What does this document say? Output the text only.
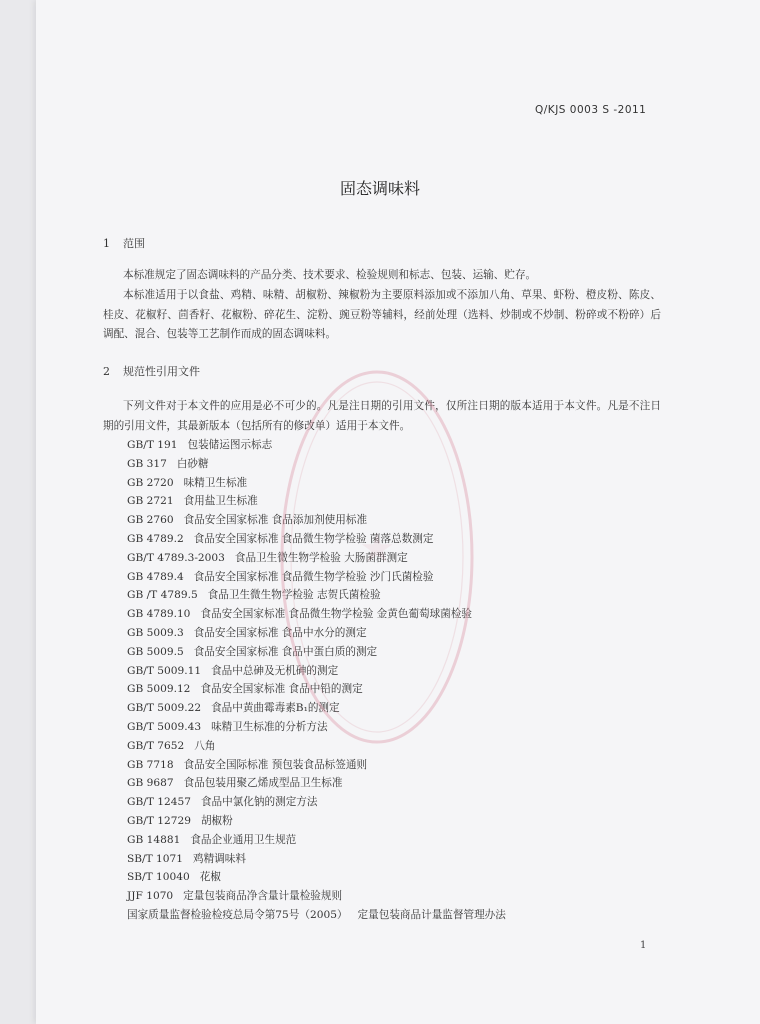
Q/KJS 0003 S -2011
固态调味料
1 范围
本标准规定了固态调味料的产品分类、技术要求、检验规则和标志、包装、运输、贮存。
本标准适用于以食盐、鸡精、味精、胡椒粉、辣椒粉为主要原料添加或不添加八角、草果、虾粉、橙皮粉、陈皮、桂皮、花椒籽、茴香籽、花椒粉、碎花生、淀粉、豌豆粉等辅料，经前处理（选料、炒制或不炒制、粉碎或不粉碎）后调配、混合、包装等工艺制作而成的固态调味料。
2 规范性引用文件
下列文件对于本文件的应用是必不可少的。凡是注日期的引用文件，仅所注日期的版本适用于本文件。凡是不注日期的引用文件，其最新版本（包括所有的修改单）适用于本文件。
GB/T 191 包装储运图示标志
GB 317 白砂糖
GB 2720 味精卫生标准
GB 2721 食用盐卫生标准
GB 2760 食品安全国家标准 食品添加剂使用标准
GB 4789.2 食品安全国家标准 食品微生物学检验 菌落总数测定
GB/T 4789.3-2003 食品卫生微生物学检验 大肠菌群测定
GB 4789.4 食品安全国家标准 食品微生物学检验 沙门氏菌检验
GB /T 4789.5 食品卫生微生物学检验 志贺氏菌检验
GB 4789.10 食品安全国家标准 食品微生物学检验 金黄色葡萄球菌检验
GB 5009.3 食品安全国家标准 食品中水分的测定
GB 5009.5 食品安全国家标准 食品中蛋白质的测定
GB/T 5009.11 食品中总砷及无机砷的测定
GB 5009.12 食品安全国家标准 食品中铅的测定
GB/T 5009.22 食品中黄曲霉毒素B₁的测定
GB/T 5009.43 味精卫生标准的分析方法
GB/T 7652 八角
GB 7718 食品安全国际标准 预包装食品标签通则
GB 9687 食品包装用聚乙烯成型品卫生标准
GB/T 12457 食品中氯化钠的测定方法
GB/T 12729 胡椒粉
GB 14881 食品企业通用卫生规范
SB/T 1071 鸡精调味料
SB/T 10040 花椒
JJF 1070 定量包装商品净含量计量检验规则
国家质量监督检验检疫总局令第75号（2005） 定量包装商品计量监督管理办法
1
